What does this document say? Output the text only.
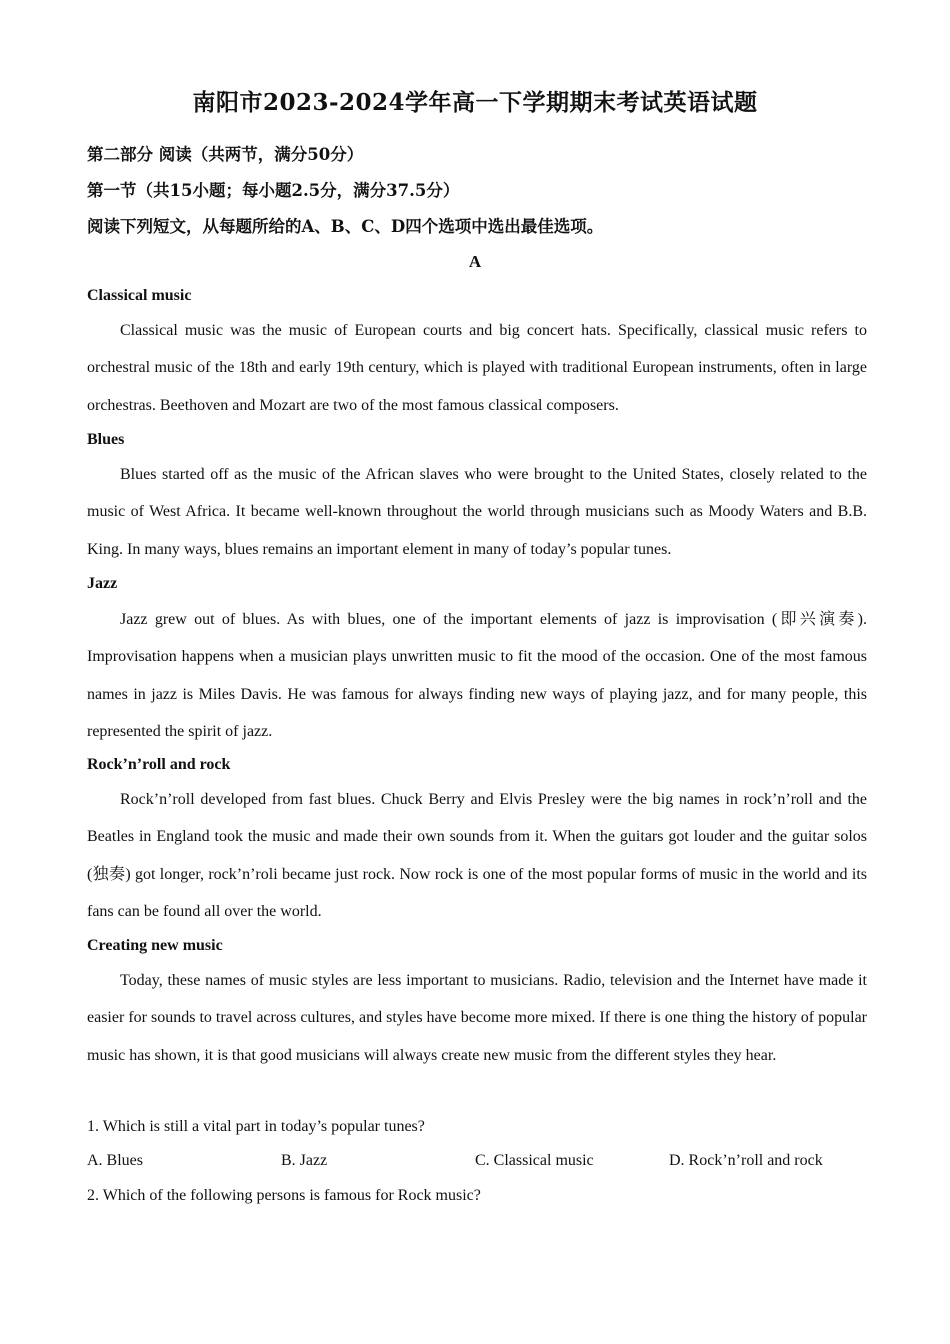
南阳市2023-2024学年高一下学期期末考试英语试题
第二部分 阅读（共两节，满分50分）
第一节（共15小题；每小题2.5分，满分37.5分）
阅读下列短文，从每题所给的A、B、C、D四个选项中选出最佳选项。
A
Classical music

Classical music was the music of European courts and big concert hats. Specifically, classical music refers to orchestral music of the 18th and early 19th century, which is played with traditional European instruments, often in large orchestras. Beethoven and Mozart are two of the most famous classical composers.

Blues

Blues started off as the music of the African slaves who were brought to the United States, closely related to the music of West Africa. It became well-known throughout the world through musicians such as Moody Waters and B.B. King. In many ways, blues remains an important element in many of today’s popular tunes.

Jazz

Jazz grew out of blues. As with blues, one of the important elements of jazz is improvisation (即兴演奏). Improvisation happens when a musician plays unwritten music to fit the mood of the occasion. One of the most famous names in jazz is Miles Davis. He was famous for always finding new ways of playing jazz, and for many people, this represented the spirit of jazz.

Rock’n’roll and rock

Rock’n’roll developed from fast blues. Chuck Berry and Elvis Presley were the big names in rock’n’roll and the Beatles in England took the music and made their own sounds from it. When the guitars got louder and the guitar solos (独奏) got longer, rock’n’roli became just rock. Now rock is one of the most popular forms of music in the world and its fans can be found all over the world.

Creating new music

Today, these names of music styles are less important to musicians. Radio, television and the Internet have made it easier for sounds to travel across cultures, and styles have become more mixed. If there is one thing the history of popular music has shown, it is that good musicians will always create new music from the different styles they hear.

1. Which is still a vital part in today’s popular tunes?
A. Blues	B. Jazz	C. Classical music	D. Rock’n’roll and rock
2. Which of the following persons is famous for Rock music?
